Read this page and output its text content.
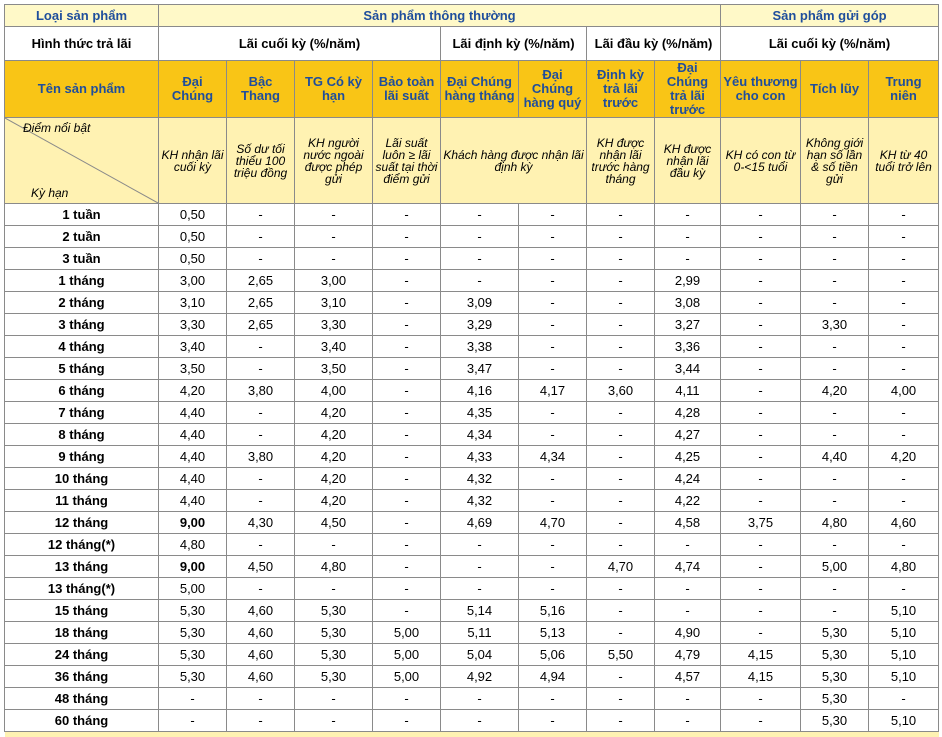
Loại sản phẩm	Sản phẩm thông thường								Sản phẩm gửi góp		
Hình thức trả lãi	Lãi cuối kỳ (%/năm)				Lãi định kỳ (%/năm)		Lãi đầu kỳ (%/năm)		Lãi cuối kỳ (%/năm)		
Tên sản phẩm	Đại Chúng	Bậc Thang	TG Có kỳ hạn	Bảo toàn lãi suất	Đại Chúng hàng tháng	Đại Chúng hàng quý	Định kỳ trả lãi trước	Đại Chúng trả lãi trước	Yêu thương cho con	Tích lũy	Trung niên

Điểm nổi bật
Kỳ hạn	KH nhận lãi cuối kỳ	Số dư tối thiểu 100 triệu đồng	KH người nước ngoài được phép gửi	Lãi suất luôn ≥ lãi suất tại thời điểm gửi	Khách hàng được nhận lãi định kỳ		KH được nhận lãi trước hàng tháng	KH được nhận lãi đầu kỳ	KH có con từ 0-<15 tuổi	Không giới hạn số lần & số tiền gửi	KH từ 40 tuổi trở lên
1 tuần	0,50	-	-	-	-	-	-	-	-	-	-
2 tuần	0,50	-	-	-	-	-	-	-	-	-	-
3 tuần	0,50	-	-	-	-	-	-	-	-	-	-
1 tháng	3,00	2,65	3,00	-	-	-	-	2,99	-	-	-
2 tháng	3,10	2,65	3,10	-	3,09	-	-	3,08	-	-	-
3 tháng	3,30	2,65	3,30	-	3,29	-	-	3,27	-	3,30	-
4 tháng	3,40	-	3,40	-	3,38	-	-	3,36	-	-	-
5 tháng	3,50	-	3,50	-	3,47	-	-	3,44	-	-	-
6 tháng	4,20	3,80	4,00	-	4,16	4,17	3,60	4,11	-	4,20	4,00
7 tháng	4,40	-	4,20	-	4,35	-	-	4,28	-	-	-
8 tháng	4,40	-	4,20	-	4,34	-	-	4,27	-	-	-
9 tháng	4,40	3,80	4,20	-	4,33	4,34	-	4,25	-	4,40	4,20
10 tháng	4,40	-	4,20	-	4,32	-	-	4,24	-	-	-
11 tháng	4,40	-	4,20	-	4,32	-	-	4,22	-	-	-
12 tháng	9,00	4,30	4,50	-	4,69	4,70	-	4,58	3,75	4,80	4,60
12 tháng(*)	4,80	-	-	-	-	-	-	-	-	-	-
13 tháng	9,00	4,50	4,80	-	-	-	4,70	4,74	-	5,00	4,80
13 tháng(*)	5,00	-	-	-	-	-	-	-	-	-	-
15 tháng	5,30	4,60	5,30	-	5,14	5,16	-	-	-	-	5,10
18 tháng	5,30	4,60	5,30	5,00	5,11	5,13	-	4,90	-	5,30	5,10
24 tháng	5,30	4,60	5,30	5,00	5,04	5,06	5,50	4,79	4,15	5,30	5,10
36 tháng	5,30	4,60	5,30	5,00	4,92	4,94	-	4,57	4,15	5,30	5,10
48 tháng	-	-	-	-	-	-	-	-	-	5,30	-
60 tháng	-	-	-	-	-	-	-	-	-	5,30	5,10
